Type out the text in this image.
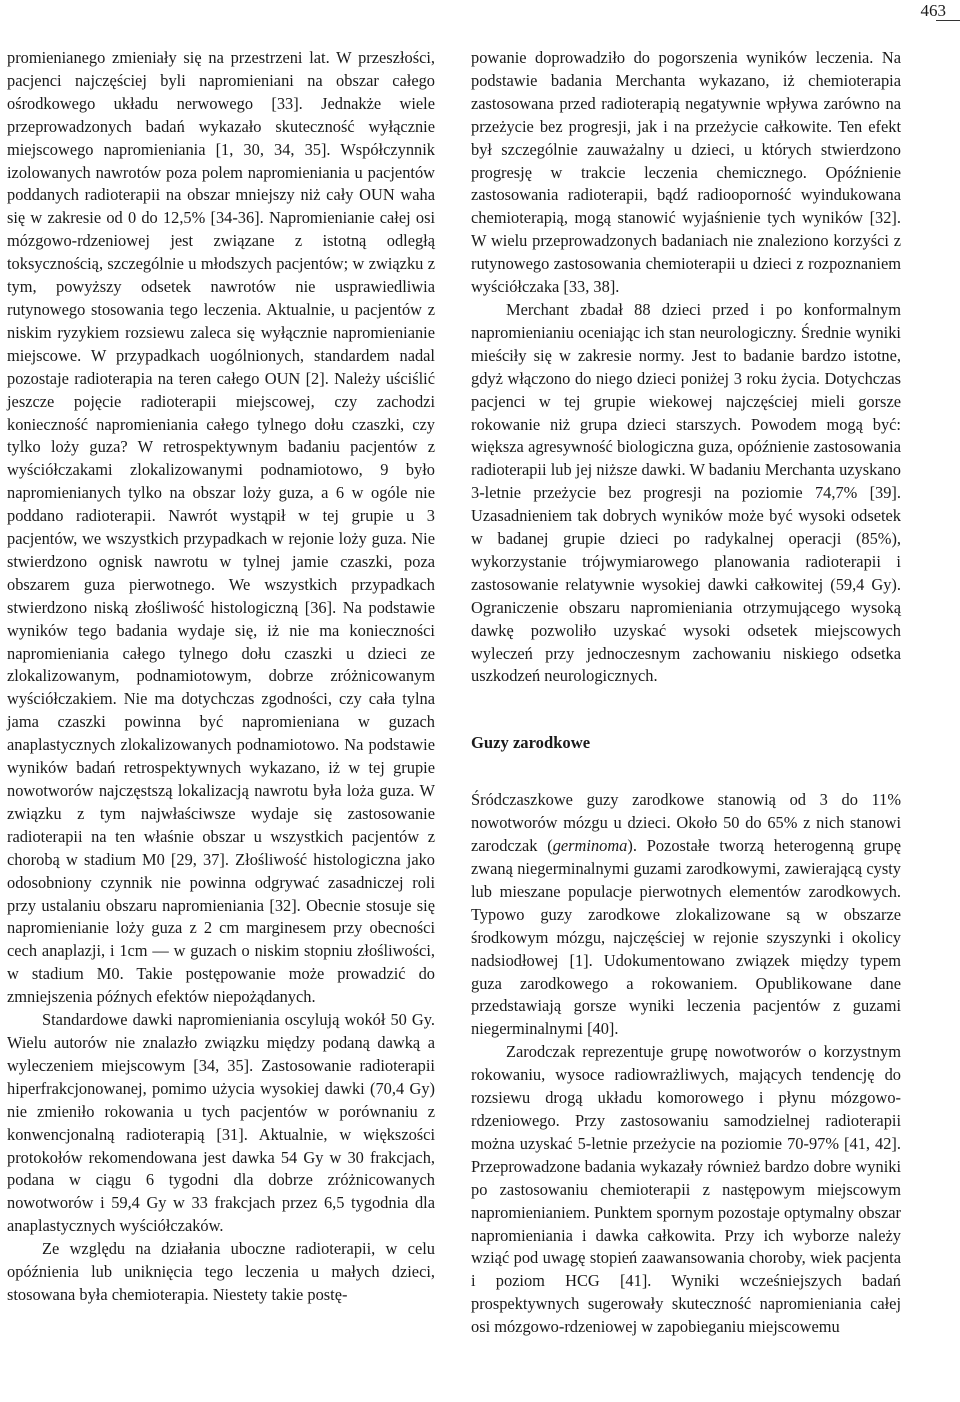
463

promienianego zmieniały się na przestrzeni lat. W przeszłości, pacjenci najczęściej byli napromieniani na obszar całego ośrodkowego układu nerwowego [33]. Jednakże wiele przeprowadzonych badań wykazało skuteczność wyłącznie miejscowego napromieniania [1, 30, 34, 35]. Współczynnik izolowanych nawrotów poza polem napromieniania u pacjentów poddanych radioterapii na obszar mniejszy niż cały OUN waha się w zakresie od 0 do 12,5% [34-36]. Napromienianie całej osi mózgowo-rdzeniowej jest związane z istotną odległą toksycznością, szczególnie u młodszych pacjentów; w związku z tym, powyższy odsetek nawrotów nie usprawiedliwia rutynowego stosowania tego leczenia. Aktualnie, u pacjentów z niskim ryzykiem rozsiewu zaleca się wyłącznie napromienianie miejscowe. W przypadkach uogólnionych, standardem nadal pozostaje radioterapia na teren całego OUN [2]. Należy uściślić jeszcze pojęcie radioterapii miejscowej, czy zachodzi konieczność napromieniania całego tylnego dołu czaszki, czy tylko loży guza? W retrospektywnym badaniu pacjentów z wyściółczakami zlokalizowanymi podnamiotowo, 9 było napromienianych tylko na obszar loży guza, a 6 w ogóle nie poddano radioterapii. Nawrót wystąpił w tej grupie u 3 pacjentów, we wszystkich przypadkach w rejonie loży guza. Nie stwierdzono ognisk nawrotu w tylnej jamie czaszki, poza obszarem guza pierwotnego. We wszystkich przypadkach stwierdzono niską złośliwość histologiczną [36]. Na podstawie wyników tego badania wydaje się, iż nie ma konieczności napromieniania całego tylnego dołu czaszki u dzieci ze zlokalizowanym, podnamiotowym, dobrze zróżnicowanym wyściółczakiem. Nie ma dotychczas zgodności, czy cała tylna jama czaszki powinna być napromieniana w guzach anaplastycznych zlokalizowanych podnamiotowo. Na podstawie wyników badań retrospektywnych wykazano, iż w tej grupie nowotworów najczęstszą lokalizacją nawrotu była loża guza. W związku z tym najwłaściwsze wydaje się zastosowanie radioterapii na ten właśnie obszar u wszystkich pacjentów z chorobą w stadium M0 [29, 37]. Złośliwość histologiczna jako odosobniony czynnik nie powinna odgrywać zasadniczej roli przy ustalaniu obszaru napromieniania [32]. Obecnie stosuje się napromienianie loży guza z 2 cm marginesem przy obecności cech anaplazji, i 1cm — w guzach o niskim stopniu złośliwości, w stadium M0. Takie postępowanie może prowadzić do zmniejszenia późnych efektów niepożądanych.

Standardowe dawki napromieniania oscylują wokół 50 Gy. Wielu autorów nie znalazło związku między podaną dawką a wyleczeniem miejscowym [34, 35]. Zastosowanie radioterapii hiperfrakcjonowanej, pomimo użycia wysokiej dawki (70,4 Gy) nie zmieniło rokowania u tych pacjentów w porównaniu z konwencjonalną radioterapią [31]. Aktualnie, w większości protokołów rekomendowana jest dawka 54 Gy w 30 frakcjach, podana w ciągu 6 tygodni dla dobrze zróżnicowanych nowotworów i 59,4 Gy w 33 frakcjach przez 6,5 tygodnia dla anaplastycznych wyściółczaków.

Ze względu na działania uboczne radioterapii, w celu opóźnienia lub uniknięcia tego leczenia u małych dzieci, stosowana była chemioterapia. Niestety takie postę-

powanie doprowadziło do pogorszenia wyników leczenia. Na podstawie badania Merchanta wykazano, iż chemioterapia zastosowana przed radioterapią negatywnie wpływa zarówno na przeżycie bez progresji, jak i na przeżycie całkowite. Ten efekt był szczególnie zauważalny u dzieci, u których stwierdzono progresję w trakcie leczenia chemicznego. Opóźnienie zastosowania radioterapii, bądź radiooporność wyindukowana chemioterapią, mogą stanowić wyjaśnienie tych wyników [32]. W wielu przeprowadzonych badaniach nie znaleziono korzyści z rutynowego zastosowania chemioterapii u dzieci z rozpoznaniem wyściółczaka [33, 38].

Merchant zbadał 88 dzieci przed i po konformalnym napromienianiu oceniając ich stan neurologiczny. Średnie wyniki mieściły się w zakresie normy. Jest to badanie bardzo istotne, gdyż włączono do niego dzieci poniżej 3 roku życia. Dotychczas pacjenci w tej grupie wiekowej najczęściej mieli gorsze rokowanie niż grupa dzieci starszych. Powodem mogą być: większa agresywność biologiczna guza, opóźnienie zastosowania radioterapii lub jej niższe dawki. W badaniu Merchanta uzyskano 3-letnie przeżycie bez progresji na poziomie 74,7% [39]. Uzasadnieniem tak dobrych wyników może być wysoki odsetek w badanej grupie dzieci po radykalnej operacji (85%), wykorzystanie trójwymiarowego planowania radioterapii i zastosowanie relatywnie wysokiej dawki całkowitej (59,4 Gy). Ograniczenie obszaru napromieniania otrzymującego wysoką dawkę pozwoliło uzyskać wysoki odsetek miejscowych wyleczeń przy jednoczesnym zachowaniu niskiego odsetka uszkodzeń neurologicznych.

Guzy zarodkowe

Śródczaszkowe guzy zarodkowe stanowią od 3 do 11% nowotworów mózgu u dzieci. Około 50 do 65% z nich stanowi zarodczak (germinoma). Pozostałe tworzą heterogenną grupę zwaną niegerminalnymi guzami zarodkowymi, zawierającą cysty lub mieszane populacje pierwotnych elementów zarodkowych. Typowo guzy zarodkowe zlokalizowane są w obszarze środkowym mózgu, najczęściej w rejonie szyszynki i okolicy nadsiodłowej [1]. Udokumentowano związek między typem guza zarodkowego a rokowaniem. Opublikowane dane przedstawiają gorsze wyniki leczenia pacjentów z guzami niegerminalnymi [40].

Zarodczak reprezentuje grupę nowotworów o korzystnym rokowaniu, wysoce radiowrażliwych, mających tendencję do rozsiewu drogą układu komorowego i płynu mózgowo-rdzeniowego. Przy zastosowaniu samodzielnej radioterapii można uzyskać 5-letnie przeżycie na poziomie 70-97% [41, 42]. Przeprowadzone badania wykazały również bardzo dobre wyniki po zastosowaniu chemioterapii z następowym miejscowym napromienianiem. Punktem spornym pozostaje optymalny obszar napromieniania i dawka całkowita. Przy ich wyborze należy wziąć pod uwagę stopień zaawansowania choroby, wiek pacjenta i poziom HCG [41]. Wyniki wcześniejszych badań prospektywnych sugerowały skuteczność napromieniania całej osi mózgowo-rdzeniowej w zapobieganiu miejscowemu
